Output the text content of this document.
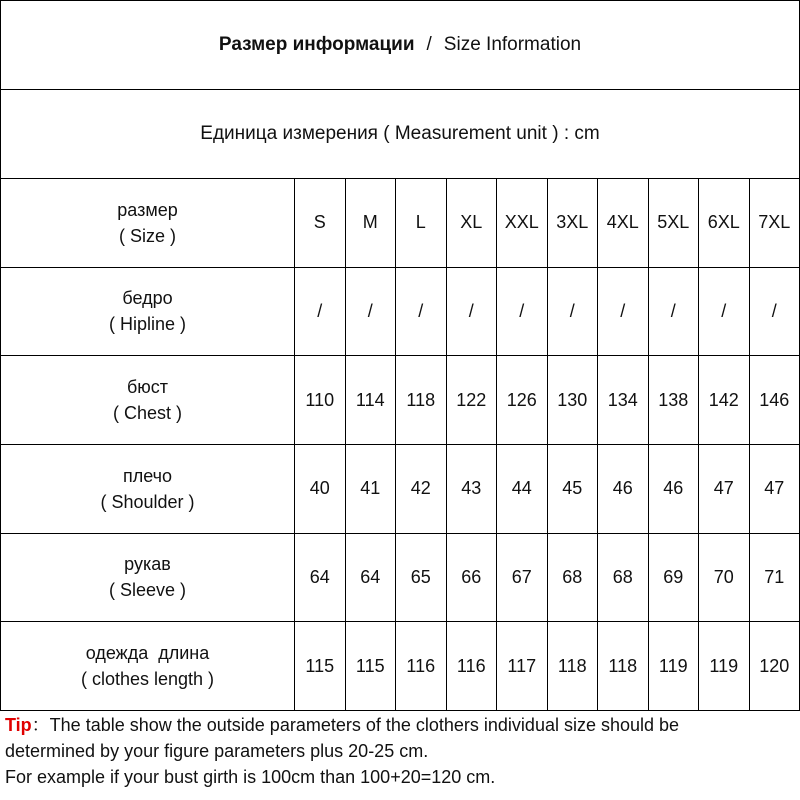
Размер информации / Size Information
Единица измерения ( Measurement unit ) : cm
размер
( Size )	S	M	L	XL	XXL	3XL	4XL	5XL	6XL	7XL

бедро
( Hipline )	/	/	/	/	/	/	/	/	/	/

бюст
( Chest )	110	114	118	122	126	130	134	138	142	146

плечо
( Shoulder )	40	41	42	43	44	45	46	46	47	47

рукав
( Sleeve )	64	64	65	66	67	68	68	69	70	71

одежда  длина
( clothes length )	115	115	116	116	117	118	118	119	119	120
Tip：The table show the outside parameters of the clothers individual size should be
determined by your figure parameters plus 20-25 cm.
For example if your bust girth is 100cm than 100+20=120 cm.
